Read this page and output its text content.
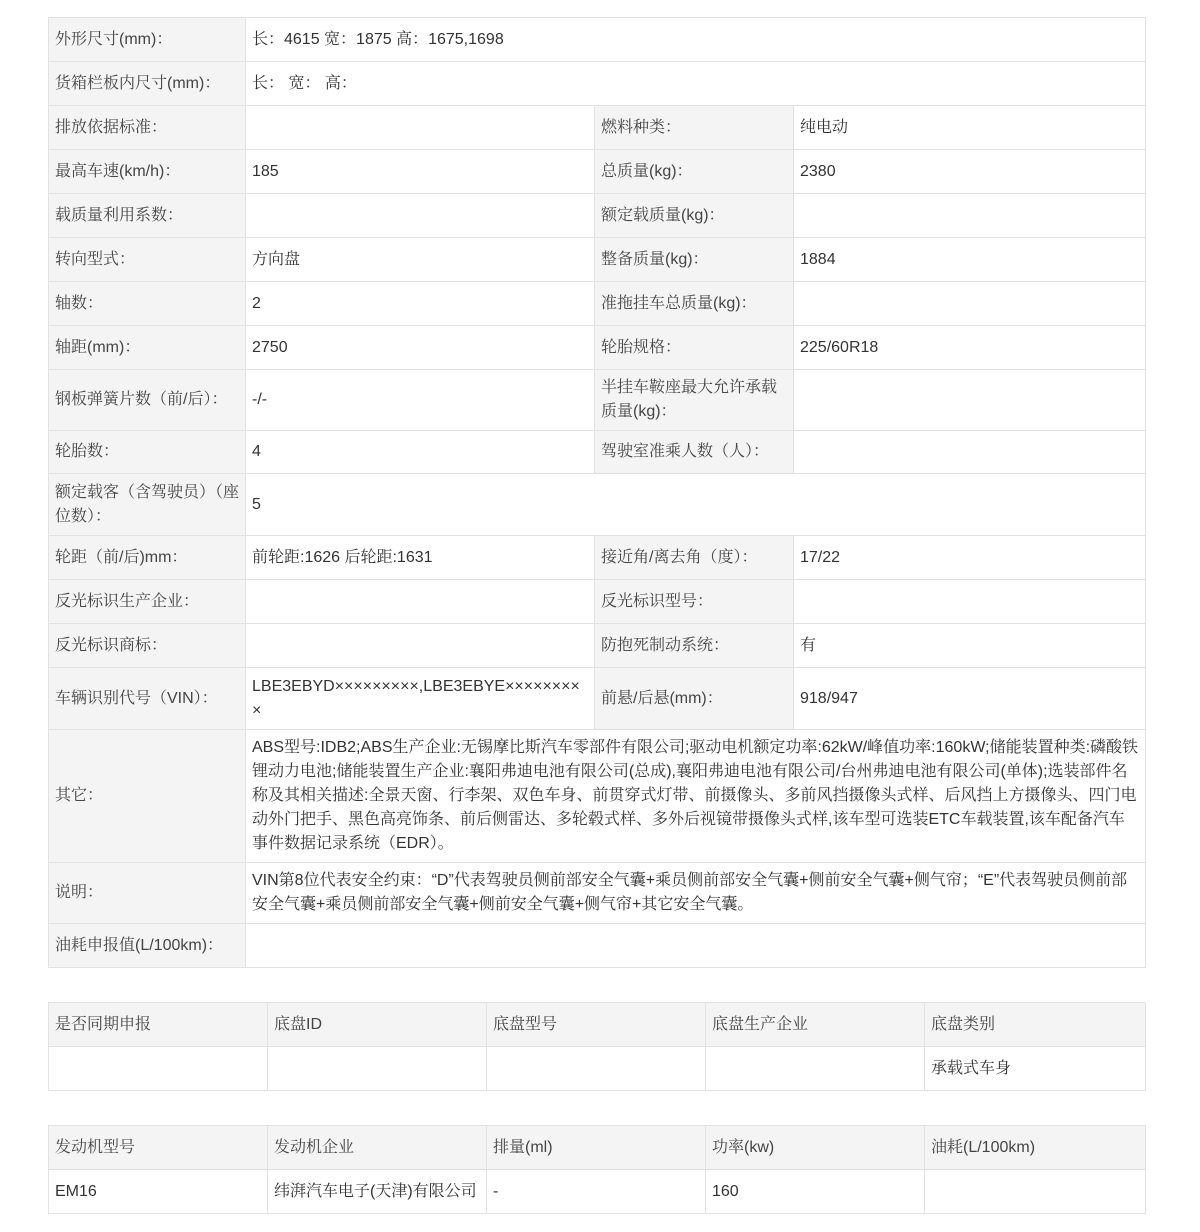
外形尺寸(mm)：	长：4615 宽：1875 高：1675,1698		
货箱栏板内尺寸(mm)：	长： 宽： 高：		
排放依据标准：		燃料种类：	纯电动
最高车速(km/h)：	185	总质量(kg)：	2380
载质量利用系数：		额定载质量(kg)：	
转向型式：	方向盘	整备质量(kg)：	1884
轴数：	2	准拖挂车总质量(kg)：	
轴距(mm)：	2750	轮胎规格：	225/60R18
钢板弹簧片数（前/后）：	-/-	半挂车鞍座最大允许承载质量(kg)：	
轮胎数：	4	驾驶室准乘人数（人）：	
额定载客（含驾驶员）（座位数）：	5		
轮距（前/后)mm：	前轮距:1626 后轮距:1631	接近角/离去角（度）：	17/22
反光标识生产企业：		反光标识型号：	
反光标识商标：		防抱死制动系统：	有
车辆识别代号（VIN）：	LBE3EBYD×××××××××,LBE3EBYE×××××××××	前悬/后悬(mm)：	918/947
其它：	ABS型号:IDB2;ABS生产企业:无锡摩比斯汽车零部件有限公司;驱动电机额定功率:62kW/峰值功率:160kW;储能装置种类:磷酸铁锂动力电池;储能装置生产企业:襄阳弗迪电池有限公司(总成),襄阳弗迪电池有限公司/台州弗迪电池有限公司(单体);选装部件名称及其相关描述:全景天窗、行李架、双色车身、前贯穿式灯带、前摄像头、多前风挡摄像头式样、后风挡上方摄像头、四门电动外门把手、黑色高亮饰条、前后侧雷达、多轮毂式样、多外后视镜带摄像头式样,该车型可选装ETC车载装置,该车配备汽车事件数据记录系统（EDR）。		
说明：	VIN第8位代表安全约束：“D”代表驾驶员侧前部安全气囊+乘员侧前部安全气囊+侧前安全气囊+侧气帘；“E”代表驾驶员侧前部安全气囊+乘员侧前部安全气囊+侧前安全气囊+侧气帘+其它安全气囊。		
油耗申报值(L/100km)：			
是否同期申报	底盘ID	底盘型号	底盘生产企业	底盘类别
				承载式车身
发动机型号	发动机企业	排量(ml)	功率(kw)	油耗(L/100km)
EM16	纬湃汽车电子(天津)有限公司	-	160	
